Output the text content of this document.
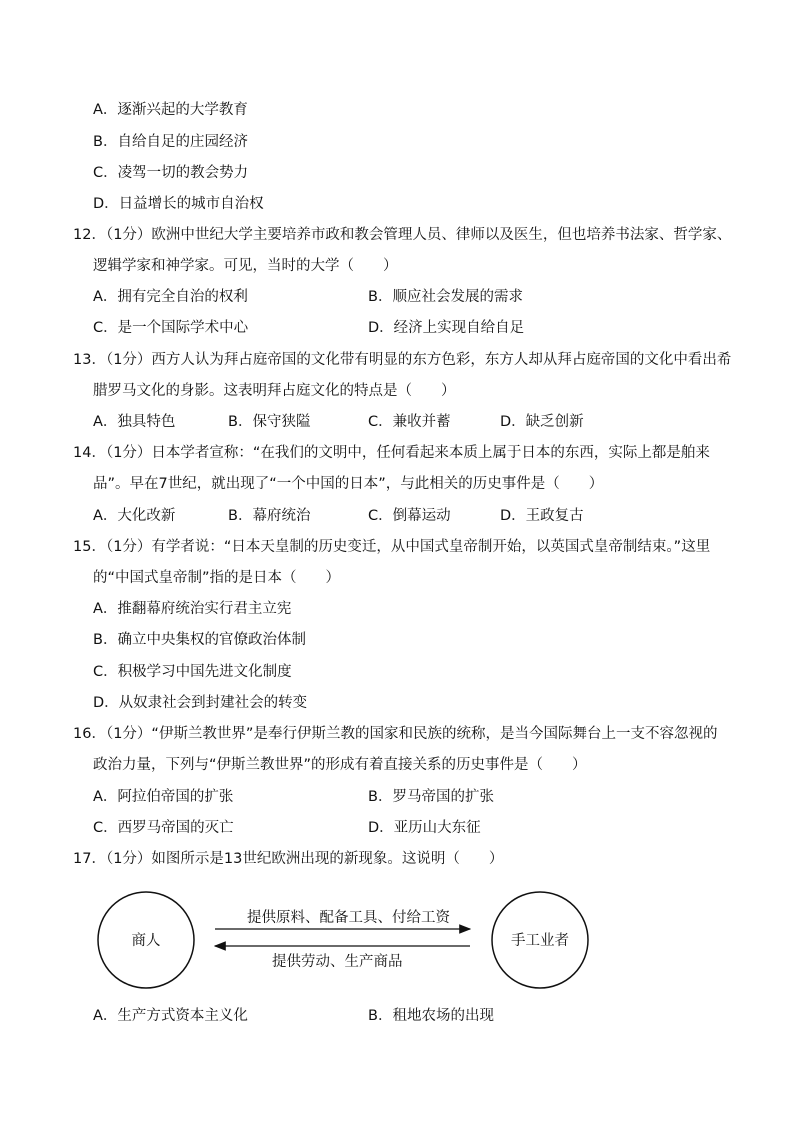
A．逐渐兴起的大学教育
B．自给自足的庄园经济
C．凌驾一切的教会势力
D．日益增长的城市自治权
12．（1分）欧洲中世纪大学主要培养市政和教会管理人员、律师以及医生，但也培养书法家、哲学家、
逻辑学家和神学家。可见，当时的大学（　　）
A．拥有完全自治的权利	B．顺应社会发展的需求
C．是一个国际学术中心	D．经济上实现自给自足
13．（1分）西方人认为拜占庭帝国的文化带有明显的东方色彩，东方人却从拜占庭帝国的文化中看出希
腊罗马文化的身影。这表明拜占庭文化的特点是（　　）
A．独具特色	B．保守狭隘	C．兼收并蓄	D．缺乏创新
14．（1分）日本学者宣称：“在我们的文明中，任何看起来本质上属于日本的东西，实际上都是舶来
品”。早在7世纪，就出现了“一个中国的日本”，与此相关的历史事件是（　　）
A．大化改新	B．幕府统治	C．倒幕运动	D．王政复古
15．（1分）有学者说：“日本天皇制的历史变迁，从中国式皇帝制开始，以英国式皇帝制结束。”这里
的“中国式皇帝制”指的是日本（　　）
A．推翻幕府统治实行君主立宪
B．确立中央集权的官僚政治体制
C．积极学习中国先进文化制度
D．从奴隶社会到封建社会的转变
16．（1分）“伊斯兰教世界”是奉行伊斯兰教的国家和民族的统称，是当今国际舞台上一支不容忽视的
政治力量，下列与“伊斯兰教世界”的形成有着直接关系的历史事件是（　　）
A．阿拉伯帝国的扩张	B．罗马帝国的扩张
C．西罗马帝国的灭亡	D．亚历山大东征
17．（1分）如图所示是13世纪欧洲出现的新现象。这说明（　　）
商人	手工业者
提供原料、配备工具、付给工资
提供劳动、生产商品
A．生产方式资本主义化	B．租地农场的出现
